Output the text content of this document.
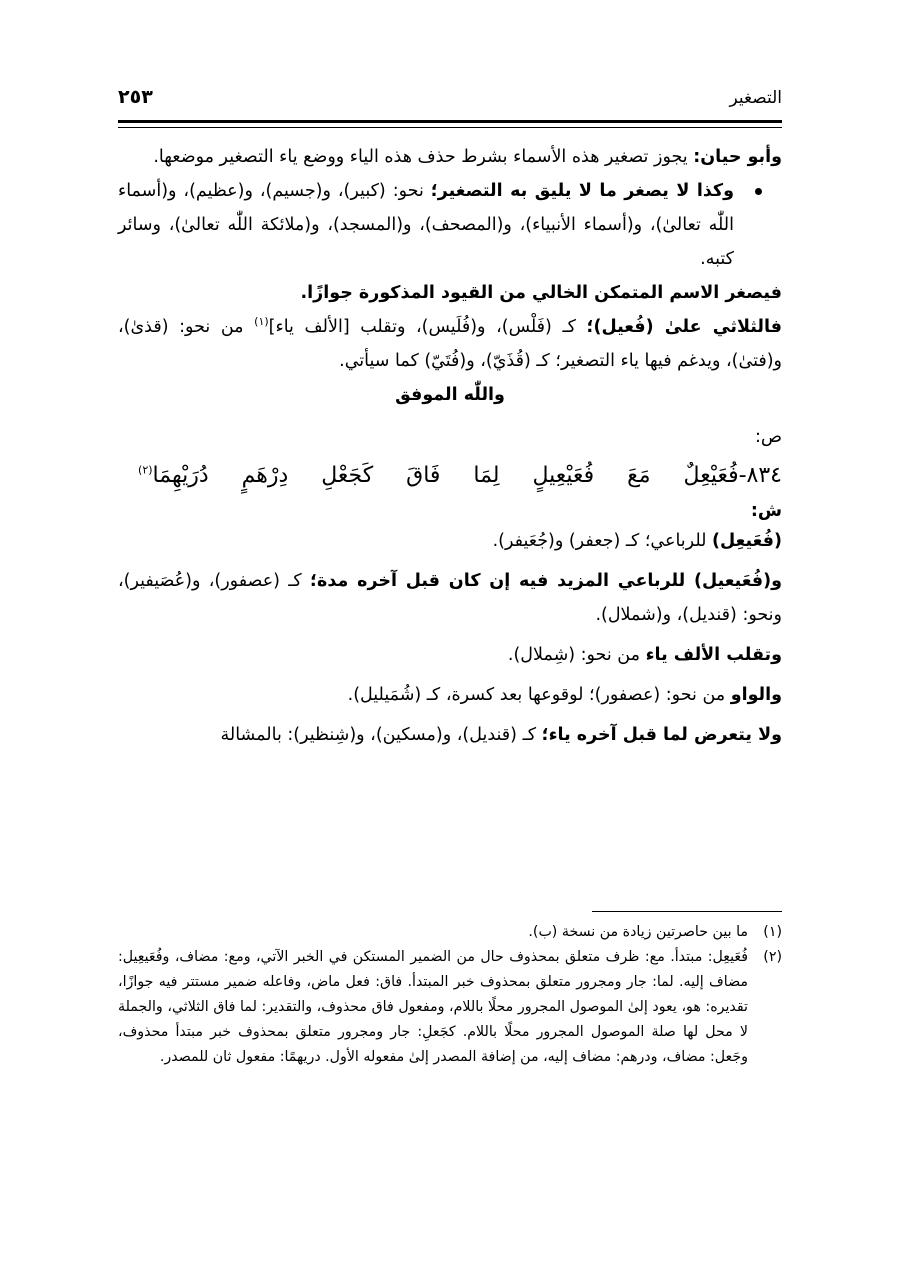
التصغير
٢٥٣

وأبو حيان: يجوز تصغير هذه الأسماء بشرط حذف هذه الياء ووضع ياء التصغير موضعها.

وكذا لا يصغر ما لا يليق به التصغير؛ نحو: (كبير)، و(جسيم)، و(عظيم)، و(أسماء اللّٰه تعالىٰ)، و(أسماء الأنبياء)، و(المصحف)، و(المسجد)، و(ملائكة اللّٰه تعالىٰ)، وسائر كتبه.

فيصغر الاسم المتمكن الخالي من القيود المذكورة جوازًا.

فالثلاثي علىٰ (فُعيل)؛ كـ (فَلْس)، و(فُلَيس)، وتقلب [الألف ياء]$^{(١)}$ من نحو: (قذىٰ)، و(فتىٰ)، ويدغم فيها ياء التصغير؛ كـ (قُذَيّ)، و(فُتَيّ) كما سيأتي.

واللّٰه الموفق

ص:

٨٣٤-فُعَيْعِلٌ
مَعَ
فُعَيْعِيلٍ
لِمَا
فَاقَ
كَجَعْلِ
دِرْهَمٍ
دُرَيْهِمَا$^{(٢)}$

ش:

(فُعَيعِل) للرباعي؛ كـ (جعفر) و(جُعَيفر).

و(فُعَيعيل) للرباعي المزيد فيه إن كان قبل آخره مدة؛ كـ (عصفور)، و(عُصَيفير)، ونحو: (قنديل)، و(شملال).

وتقلب الألف ياء من نحو: (شِملال).

والواو من نحو: (عصفور)؛ لوقوعها بعد كسرة، كـ (شُمَيليل).

ولا يتعرض لما قبل آخره ياء؛ كـ (قنديل)، و(مسكين)، و(شِنظير): بالمشالة

(١)
ما بين حاصرتين زيادة من نسخة (ب).

(٢)
فُعَيعِل: مبتدأ. مع: ظرف متعلق بمحذوف حال من الضمير المستكن في الخبر الآتي، ومع: مضاف، وفُعَيعِيل: مضاف إليه. لما: جار ومجرور متعلق بمحذوف خبر المبتدأ. فاق: فعل ماض، وفاعله ضمير مستتر فيه جوازًا، تقديره: هو، يعود إلىٰ الموصول المجرور محلًا باللام، ومفعول فاق محذوف، والتقدير: لما فاق الثلاثي، والجملة لا محل لها صلة الموصول المجرور محلًا باللام. كجَعلِ: جار ومجرور متعلق بمحذوف خبر مبتدأ محذوف، وجَعل: مضاف، ودرهم: مضاف إليه، من إضافة المصدر إلىٰ مفعوله الأول. دريهمًا: مفعول ثان للمصدر.
